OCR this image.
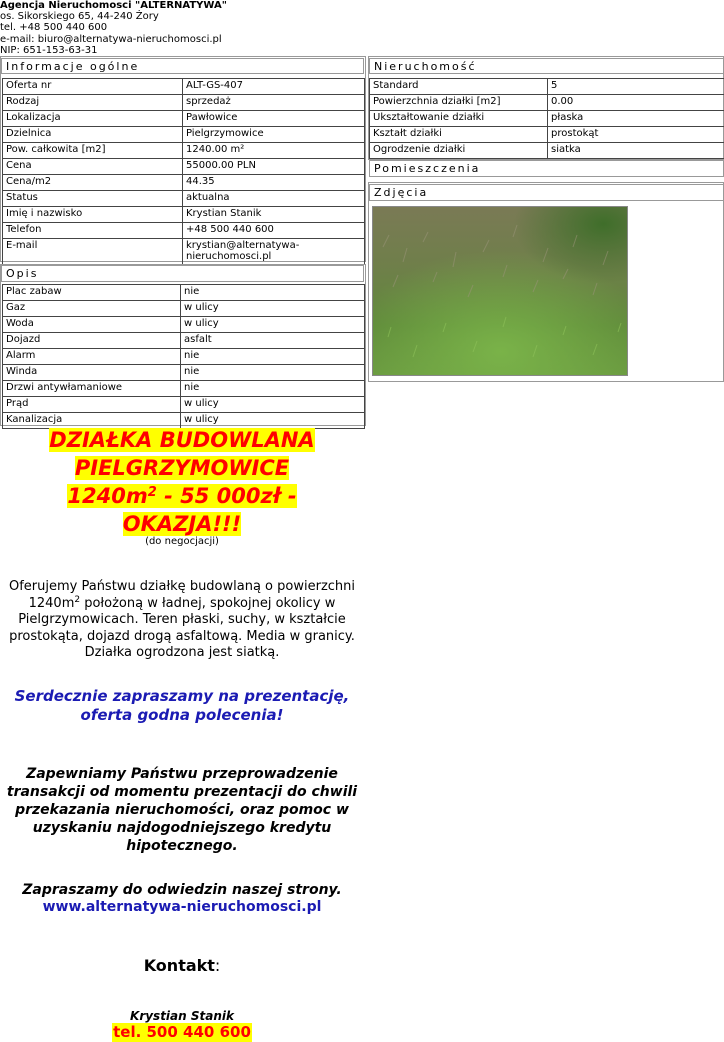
Agencja Nieruchomosci "ALTERNATYWA"
os. Sikorskiego 65, 44-240 Żory
tel. +48 500 440 600
e-mail: biuro@alternatywa-nieruchomosci.pl
NIP: 651-153-63-31
Informacje ogólne
Oferta nr	ALT-GS-407
Rodzaj	sprzedaż
Lokalizacja	Pawłowice
Dzielnica	Pielgrzymowice
Pow. całkowita [m2]	1240.00 m²
Cena	55000.00 PLN
Cena/m2	44.35
Status	aktualna
Imię i nazwisko	Krystian Stanik
Telefon	+48 500 440 600
E-mail	krystian@alternatywa-nieruchomosci.pl
Opis
Plac zabaw	nie
Gaz	w ulicy
Woda	w ulicy
Dojazd	asfalt
Alarm	nie
Winda	nie
Drzwi antywłamaniowe	nie
Prąd	w ulicy
Kanalizacja	w ulicy
Nieruchomość
Standard	5
Powierzchnia działki [m2]	0.00
Ukształtowanie działki	płaska
Kształt działki	prostokąt
Ogrodzenie działki	siatka
Pomieszczenia
Zdjęcia
DZIAŁKA BUDOWLANA
PIELGRZYMOWICE
$1240m^2 - 55$ 000zł -
OKAZJA!!!
(do negocjacji)
Oferujemy Państwu działkę budowlaną o powierzchni $1240m^2$ położoną w ładnej, spokojnej okolicy w Pielgrzymowicach. Teren płaski, suchy, w kształcie prostokąta, dojazd drogą asfaltową. Media w granicy. Działka ogrodzona jest siatką.
Serdecznie zapraszamy na prezentację, oferta godna polecenia!
Zapewniamy Państwu przeprowadzenie transakcji od momentu prezentacji do chwili przekazania nieruchomości, oraz pomoc w uzyskaniu najdogodniejszego kredytu hipotecznego.
Zapraszamy do odwiedzin naszej strony.
www.alternatywa-nieruchomosci.pl
Kontakt:
Krystian Stanik
tel. 500 440 600
